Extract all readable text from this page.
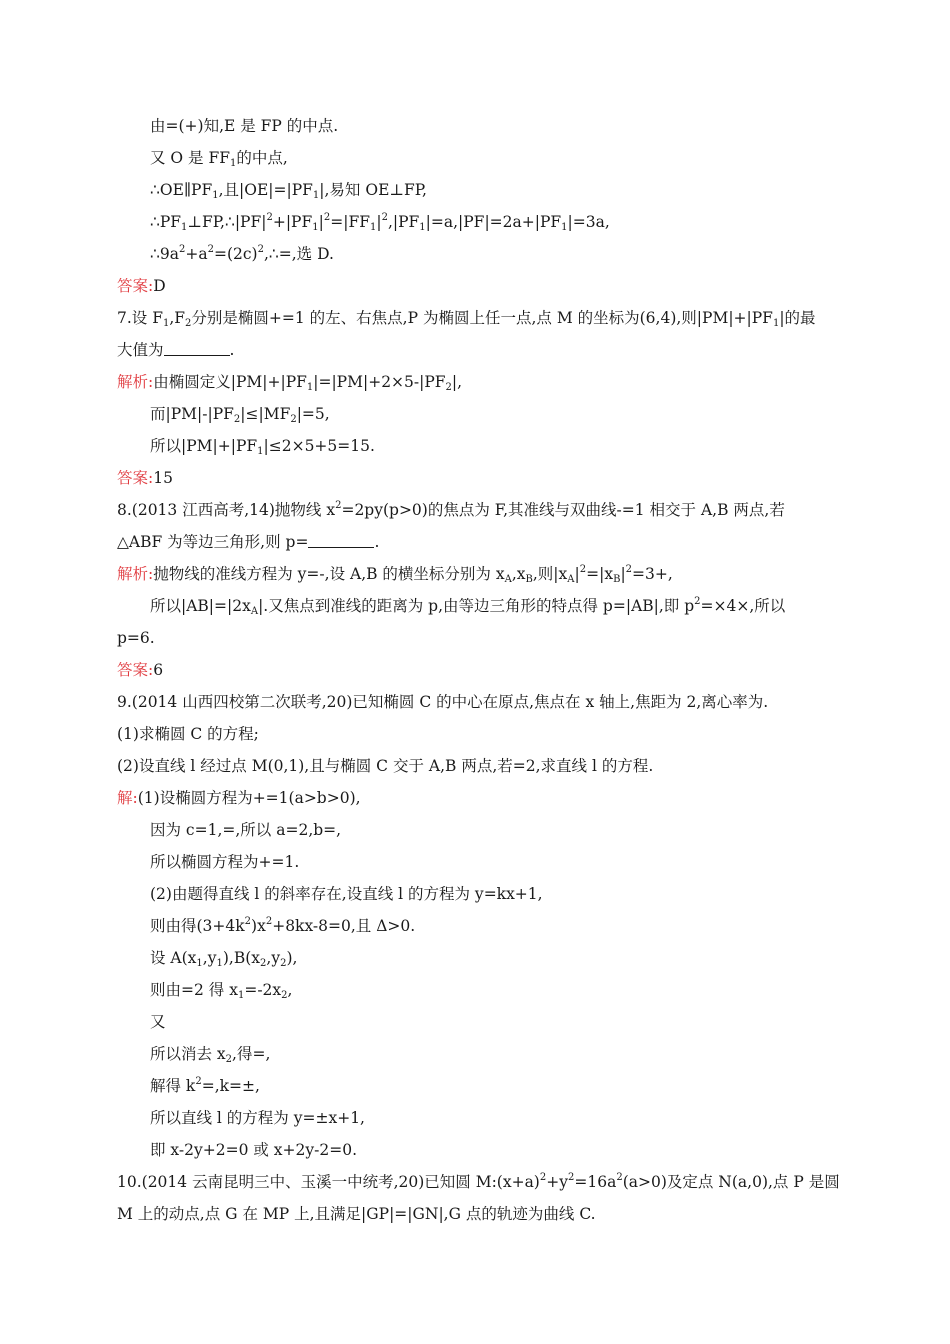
由=(+)知,E 是 FP 的中点.
又 O 是 $FF_1$的中点,
$\therefore OE\parallel PF_1$,且$|OE|=|PF_1|$,易知 OE⊥FP,
$\therefore PF_1\perp FP,\therefore|PF|^2+|PF_1|^2=|FF_1|^2,|PF_1|=a,|PF|=2a+|PF_1|=3a$,
$\therefore 9a^2+a^2=(2c)^2,\therefore=$,选 D.
答案:D
7.设 $F_1,F_2$分别是椭圆+=1 的左、右焦点,P 为椭圆上任一点,点 M 的坐标为(6,4),则$|PM|+|PF_1|$的最
大值为	.
解析:由椭圆定义$|PM|+|PF_1|=|PM|+2\times 5-|PF_2|$,
而$|PM|-|PF_2|\le|MF_2|=5$,
所以$|PM|+|PF_1|\le 2\times 5+5=15$.
答案:15
8.(2013 江西高考,14)抛物线 $x^2=2py(p>0)$的焦点为 F,其准线与双曲线-=1 相交于 A,B 两点,若
△ABF 为等边三角形,则 p=	.
解析:抛物线的准线方程为 y=-,设 A,B 的横坐标分别为 $x_A,x_B$,则$|x_A|^2=|x_B|^2=3+$,
所以$|AB|=|2x_A|$.又焦点到准线的距离为 p,由等边三角形的特点得 p=|AB|,即 $p^2=\times 4\times$,所以
p=6.
答案:6
9.(2014 山西四校第二次联考,20)已知椭圆 C 的中心在原点,焦点在 x 轴上,焦距为 2,离心率为.
(1)求椭圆 C 的方程;
(2)设直线 l 经过点 M(0,1),且与椭圆 C 交于 A,B 两点,若=2,求直线 l 的方程.
解:(1)设椭圆方程为+=1(a>b>0),
因为 c=1,=,所以 a=2,b=,
所以椭圆方程为+=1.
(2)由题得直线 l 的斜率存在,设直线 l 的方程为 y=kx+1,
则由得$(3+4k^2)x^2+8kx-8=0$,且 Δ>0.
设 $A(x_1,y_1),B(x_2,y_2)$,
则由=2 得 $x_1=-2x_2$,
又
所以消去 $x_2$,得=,
解得 $k^2=,k=\pm$,
所以直线 l 的方程为 y=±x+1,
即 x-2y+2=0 或 x+2y-2=0.
10.(2014 云南昆明三中、玉溪一中统考,20)已知圆 $M:(x+a)^2+y^2=16a^2(a>0)$及定点 N(a,0),点 P 是圆
M 上的动点,点 G 在 MP 上,且满足|GP|=|GN|,G 点的轨迹为曲线 C.
